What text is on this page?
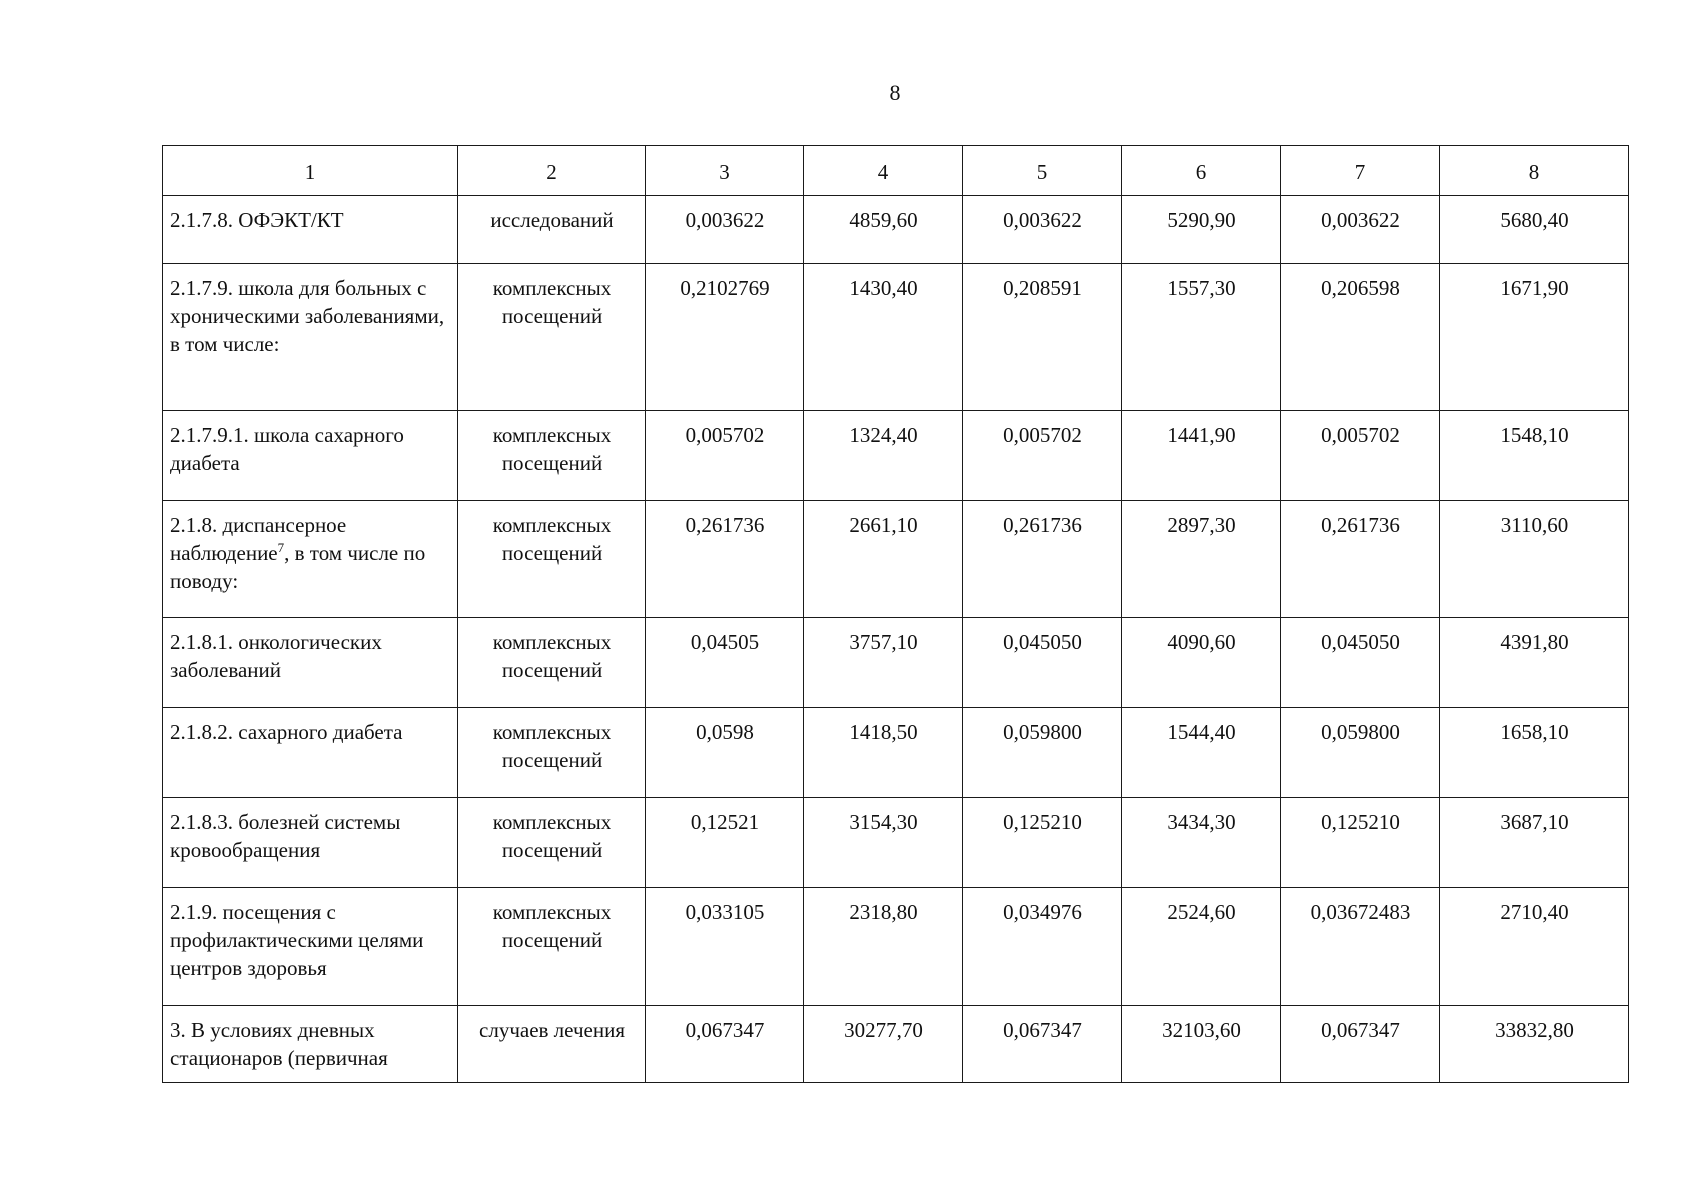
8
1	2	3	4	5	6	7	8
2.1.7.8. ОФЭКТ/КТ	исследований	0,003622	4859,60	0,003622	5290,90	0,003622	5680,40
2.1.7.9. школа для больных с хроническими заболеваниями, в том числе:	комплексных посещений	0,2102769	1430,40	0,208591	1557,30	0,206598	1671,90
2.1.7.9.1. школа сахарного диабета	комплексных посещений	0,005702	1324,40	0,005702	1441,90	0,005702	1548,10
2.1.8. диспансерное наблюдение$^7$, в том числе по поводу:	комплексных посещений	0,261736	2661,10	0,261736	2897,30	0,261736	3110,60
2.1.8.1. онкологических заболеваний	комплексных посещений	0,04505	3757,10	0,045050	4090,60	0,045050	4391,80
2.1.8.2. сахарного диабета	комплексных посещений	0,0598	1418,50	0,059800	1544,40	0,059800	1658,10
2.1.8.3. болезней системы кровообращения	комплексных посещений	0,12521	3154,30	0,125210	3434,30	0,125210	3687,10
2.1.9. посещения с профилактическими целями центров здоровья	комплексных посещений	0,033105	2318,80	0,034976	2524,60	0,03672483	2710,40
3. В условиях дневных стационаров (первичная	случаев лечения	0,067347	30277,70	0,067347	32103,60	0,067347	33832,80
